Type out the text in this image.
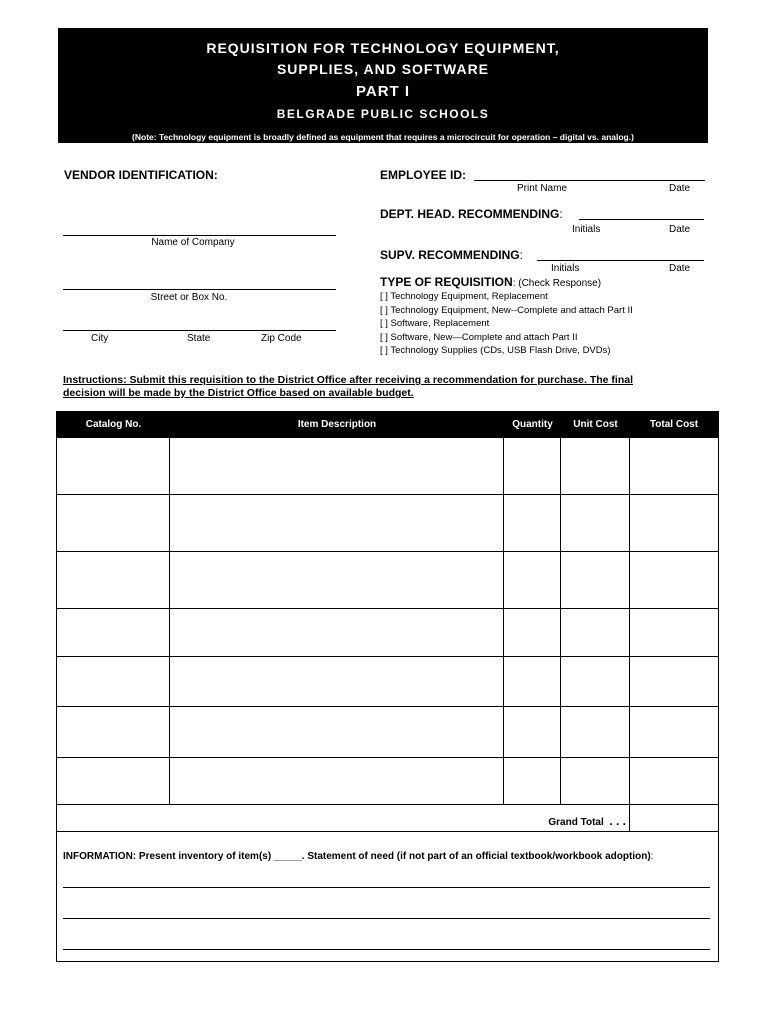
REQUISITION FOR TECHNOLOGY EQUIPMENT,
SUPPLIES, AND SOFTWARE
PART I
BELGRADE PUBLIC SCHOOLS
(Note: Technology equipment is broadly defined as equipment that requires a microcircuit for operation – digital vs. analog.)
VENDOR IDENTIFICATION:
Name of Company
Street or Box No.
City	State	Zip Code
EMPLOYEE ID:
Print Name	Date
DEPT. HEAD. RECOMMENDING:
Initials	Date
SUPV. RECOMMENDING:
Initials	Date
TYPE OF REQUISITION: (Check Response)
[ ] Technology Equipment, Replacement
[ ] Technology Equipment, New--Complete and attach Part II
[ ] Software, Replacement
[ ] Software, New—Complete and attach Part II
[ ] Technology Supplies (CDs, USB Flash Drive, DVDs)
Instructions: Submit this requisition to the District Office after receiving a recommendation for purchase. The final
decision will be made by the District Office based on available budget.
Catalog No.	Item Description	Quantity	Unit Cost	Total Cost
Grand Total . . .
INFORMATION: Present inventory of item(s) _____. Statement of need (if not part of an official textbook/workbook adoption):
